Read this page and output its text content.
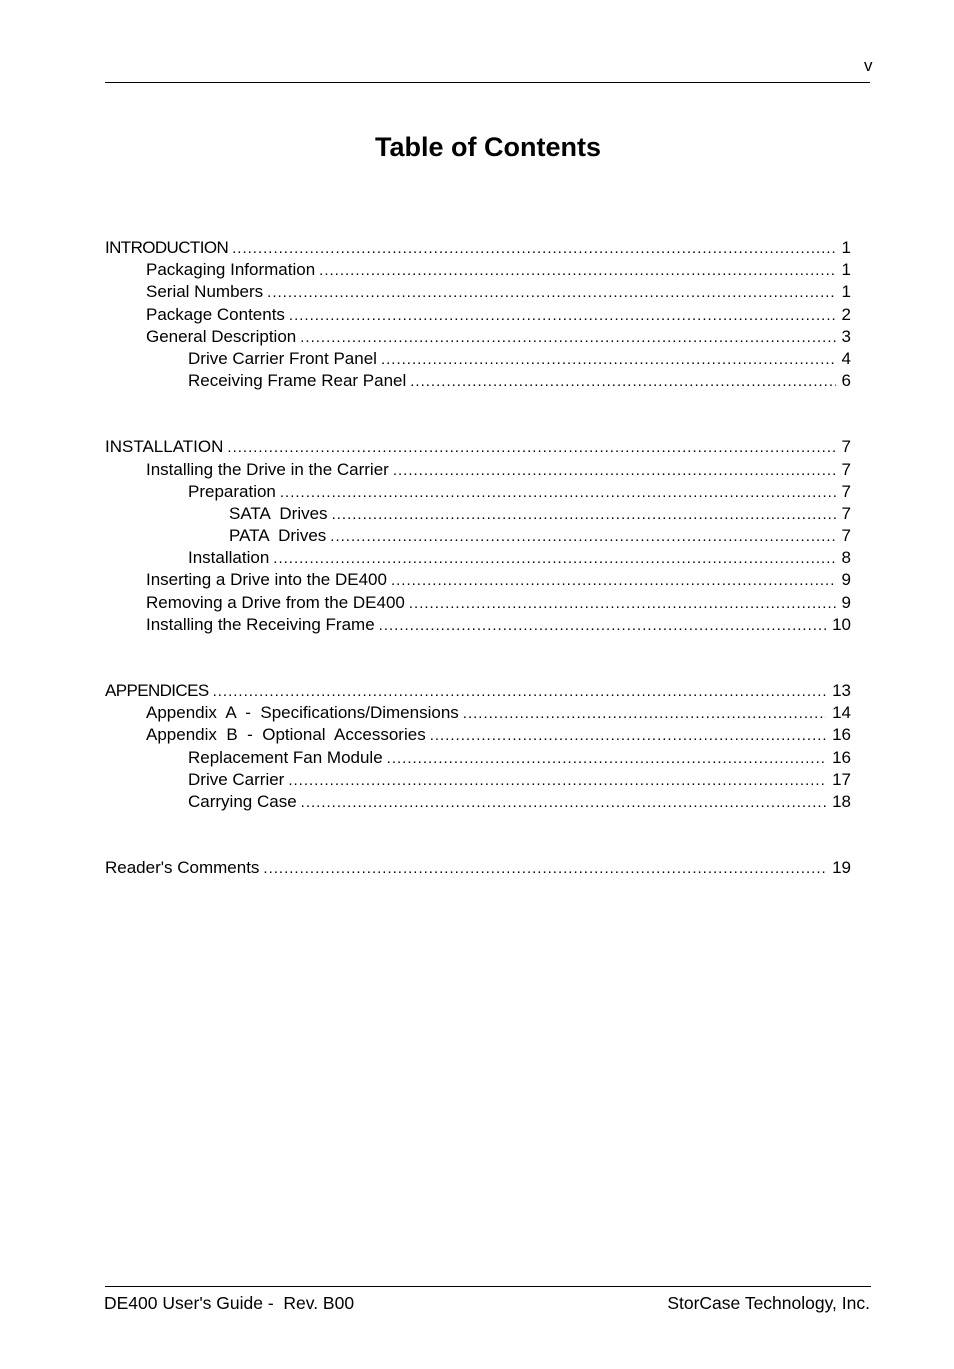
v
Table of Contents
INTRODUCTION .....	1
Packaging Information .....	1
Serial Numbers .....	1
Package Contents .....	2
General Description .....	3
Drive Carrier Front Panel .....	4
Receiving Frame Rear Panel .....	6
INSTALLATION .....	7
Installing the Drive in the Carrier .....	7
Preparation .....	7
SATA  Drives .....	7
PATA  Drives .....	7
Installation .....	8
Inserting a Drive into the DE400 .....	9
Removing a Drive from the DE400 .....	9
Installing the Receiving Frame .....	10
APPENDICES .....	13
Appendix  A  -  Specifications/Dimensions .....	14
Appendix  B  -  Optional  Accessories .....	16
Replacement Fan Module .....	16
Drive Carrier .....	17
Carrying Case .....	18
Reader's Comments .....	19
DE400 User's Guide -  Rev. B00	StorCase Technology, Inc.
